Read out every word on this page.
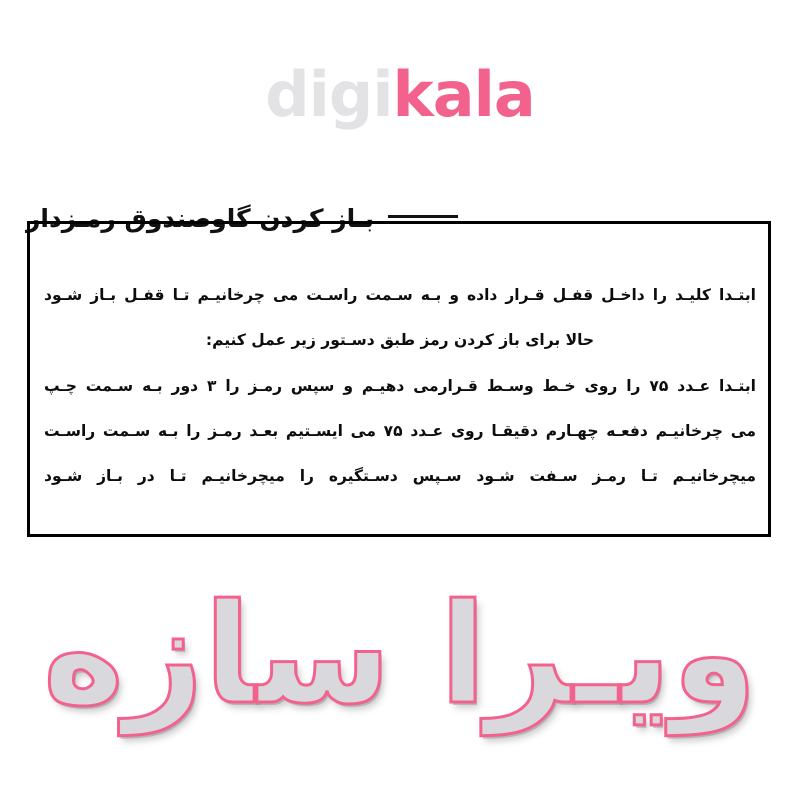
digikala
بـاز کردن گاوصندوق رمـزدار
ابتـدا کلیـد را داخـل قفـل قـرار داده و بـه سـمت راسـت می چرخانیـم تـا قفـل بـاز شـود
حالا برای باز کردن رمز طبق دسـتور زیر عمل کنیم:
ابتـدا عـدد ۷۵ را روی خـط وسـط قـرارمی دهیـم و سپس رمـز را ۳ دور بـه سـمت چـپ
می چرخانیـم دفعـه چهـارم دقیقـا روی عـدد ۷۵ می ایسـتیم بعـد رمـز را بـه سـمت راسـت
میچرخانیـم تـا رمـز سـفت شـود سـپس دسـتگیره را میچرخانیـم تـا در بـاز شـود
ویـرا سازه
